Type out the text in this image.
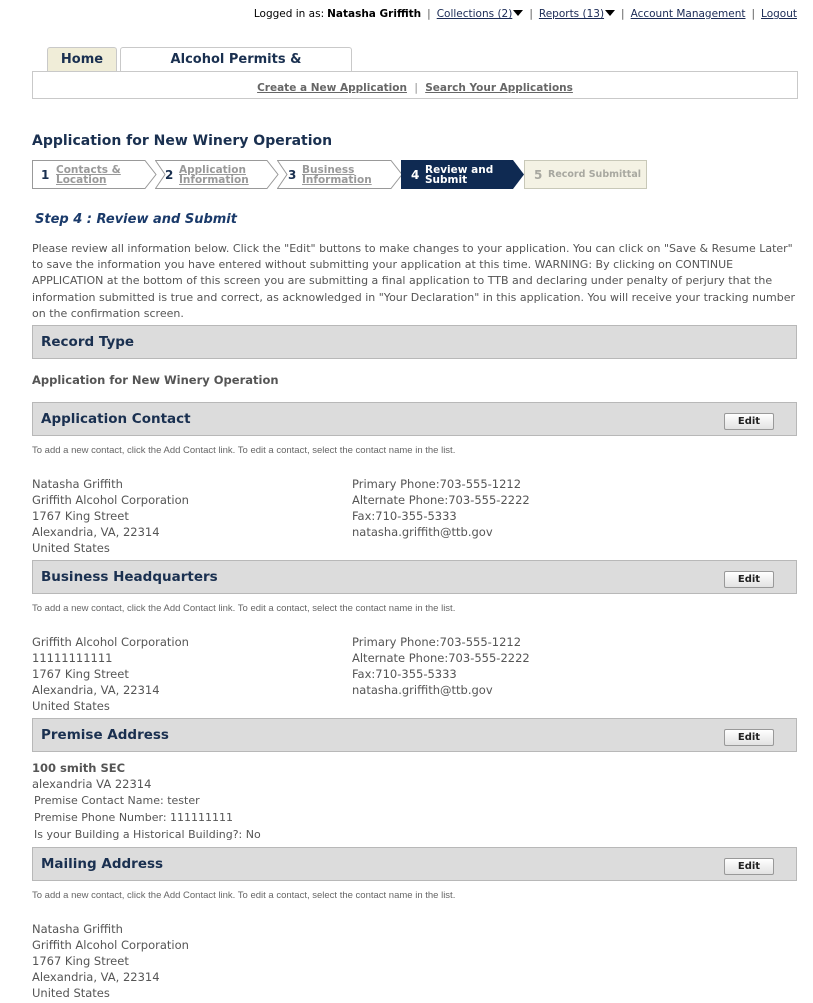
Logged in as: Natasha Griffith | Collections (2) | Reports (13) | Account Management | Logout
Home	Alcohol Permits &
Create a New Application | Search Your Applications
Application for New Winery Operation
1 Contacts &
Location	2 Application
Information	3 Business
Information	4 Review and
Submit	5 Record Submittal
Step 4 : Review and Submit
Please review all information below. Click the "Edit" buttons to make changes to your application. You can click on "Save & Resume Later" to save the information you have entered without submitting your application at this time. WARNING: By clicking on CONTINUE APPLICATION at the bottom of this screen you are submitting a final application to TTB and declaring under penalty of perjury that the information submitted is true and correct, as acknowledged in "Your Declaration" in this application. You will receive your tracking number on the confirmation screen.
Record Type
Application for New Winery Operation
Application Contact	Edit
To add a new contact, click the Add Contact link. To edit a contact, select the contact name in the list.
Natasha Griffith
Griffith Alcohol Corporation
1767 King Street
Alexandria, VA, 22314
United States
Primary Phone:703-555-1212
Alternate Phone:703-555-2222
Fax:710-355-5333
natasha.griffith@ttb.gov
Business Headquarters	Edit
To add a new contact, click the Add Contact link. To edit a contact, select the contact name in the list.
Griffith Alcohol Corporation
11111111111
1767 King Street
Alexandria, VA, 22314
United States
Primary Phone:703-555-1212
Alternate Phone:703-555-2222
Fax:710-355-5333
natasha.griffith@ttb.gov
Premise Address	Edit
100 smith SEC
alexandria VA 22314
Premise Contact Name: tester
Premise Phone Number: 111111111
Is your Building a Historical Building?: No
Mailing Address	Edit
To add a new contact, click the Add Contact link. To edit a contact, select the contact name in the list.
Natasha Griffith
Griffith Alcohol Corporation
1767 King Street
Alexandria, VA, 22314
United States
